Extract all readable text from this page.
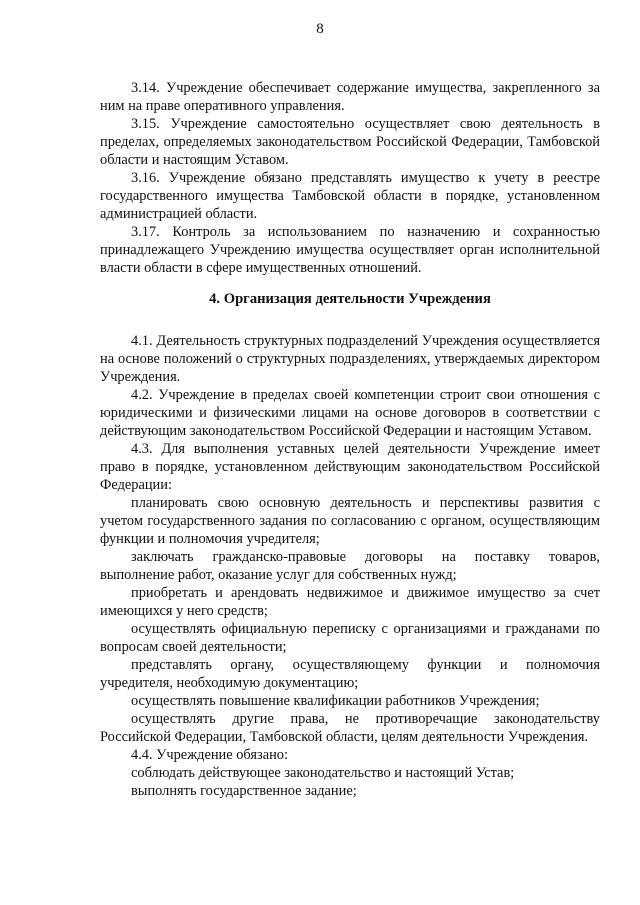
8

3.14. Учреждение обеспечивает содержание имущества, закрепленного за ним на праве оперативного управления.

3.15. Учреждение самостоятельно осуществляет свою деятельность в пределах, определяемых законодательством Российской Федерации, Тамбовской области и настоящим Уставом.

3.16. Учреждение обязано представлять имущество к учету в реестре государственного имущества Тамбовской области в порядке, установленном администрацией области.

3.17. Контроль за использованием по назначению и сохранностью принадлежащего Учреждению имущества осуществляет орган исполнительной власти области в сфере имущественных отношений.

4. Организация деятельности Учреждения

4.1. Деятельность структурных подразделений Учреждения осуществляется на основе положений о структурных подразделениях, утверждаемых директором Учреждения.

4.2. Учреждение в пределах своей компетенции строит свои отношения с юридическими и физическими лицами на основе договоров в соответствии с действующим законодательством Российской Федерации и настоящим Уставом.

4.3. Для выполнения уставных целей деятельности Учреждение имеет право в порядке, установленном действующим законодательством Российской Федерации:

планировать свою основную деятельность и перспективы развития с учетом государственного задания по согласованию с органом, осуществляющим функции и полномочия учредителя;

заключать гражданско-правовые договоры на поставку товаров, выполнение работ, оказание услуг для собственных нужд;

приобретать и арендовать недвижимое и движимое имущество за счет имеющихся у него средств;

осуществлять официальную переписку с организациями и гражданами по вопросам своей деятельности;

представлять органу, осуществляющему функции и полномочия учредителя, необходимую документацию;

осуществлять повышение квалификации работников Учреждения;

осуществлять другие права, не противоречащие законодательству Российской Федерации, Тамбовской области, целям деятельности Учреждения.

4.4. Учреждение обязано:

соблюдать действующее законодательство и настоящий Устав;

выполнять государственное задание;
